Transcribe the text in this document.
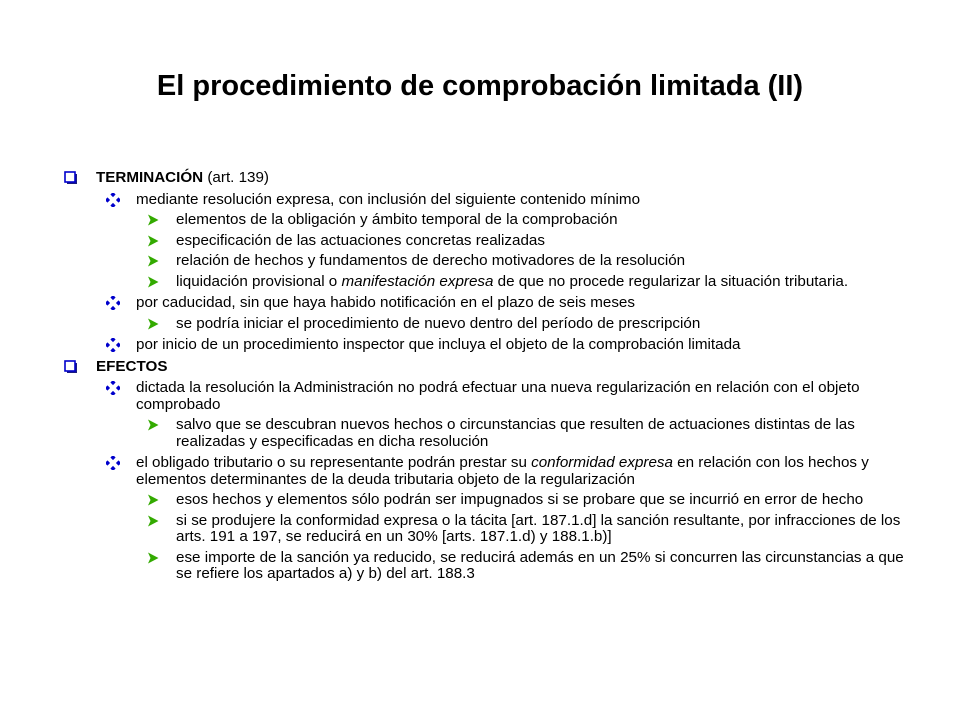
El procedimiento de comprobación limitada (II)
TERMINACIÓN (art. 139)
mediante resolución expresa, con inclusión del siguiente contenido mínimo
elementos de la obligación y ámbito temporal de la comprobación
especificación de las actuaciones concretas realizadas
relación de hechos y fundamentos de derecho motivadores de la resolución
liquidación provisional o manifestación expresa de que no procede regularizar la situación tributaria.
por caducidad, sin que haya habido notificación en el plazo de seis meses
se podría iniciar el procedimiento de nuevo dentro del período de prescripción
por inicio de un procedimiento inspector que incluya el objeto de la comprobación limitada
EFECTOS
dictada la resolución la Administración no podrá efectuar una nueva regularización en relación con el objeto comprobado
salvo que se descubran nuevos hechos o circunstancias que resulten de actuaciones distintas de las realizadas y especificadas en dicha resolución
el obligado tributario o su representante podrán prestar su conformidad expresa en relación con los hechos y elementos determinantes de la deuda tributaria objeto de la regularización
esos hechos y elementos sólo podrán ser impugnados si se probare que se incurrió en error de hecho
si se produjere la conformidad expresa o la tácita [art. 187.1.d] la sanción resultante, por infracciones de los arts. 191 a 197, se reducirá en un 30% [arts. 187.1.d) y 188.1.b)]
ese importe de la sanción ya reducido, se reducirá además en un 25% si concurren las circunstancias a que se refiere los apartados a) y b) del art. 188.3
